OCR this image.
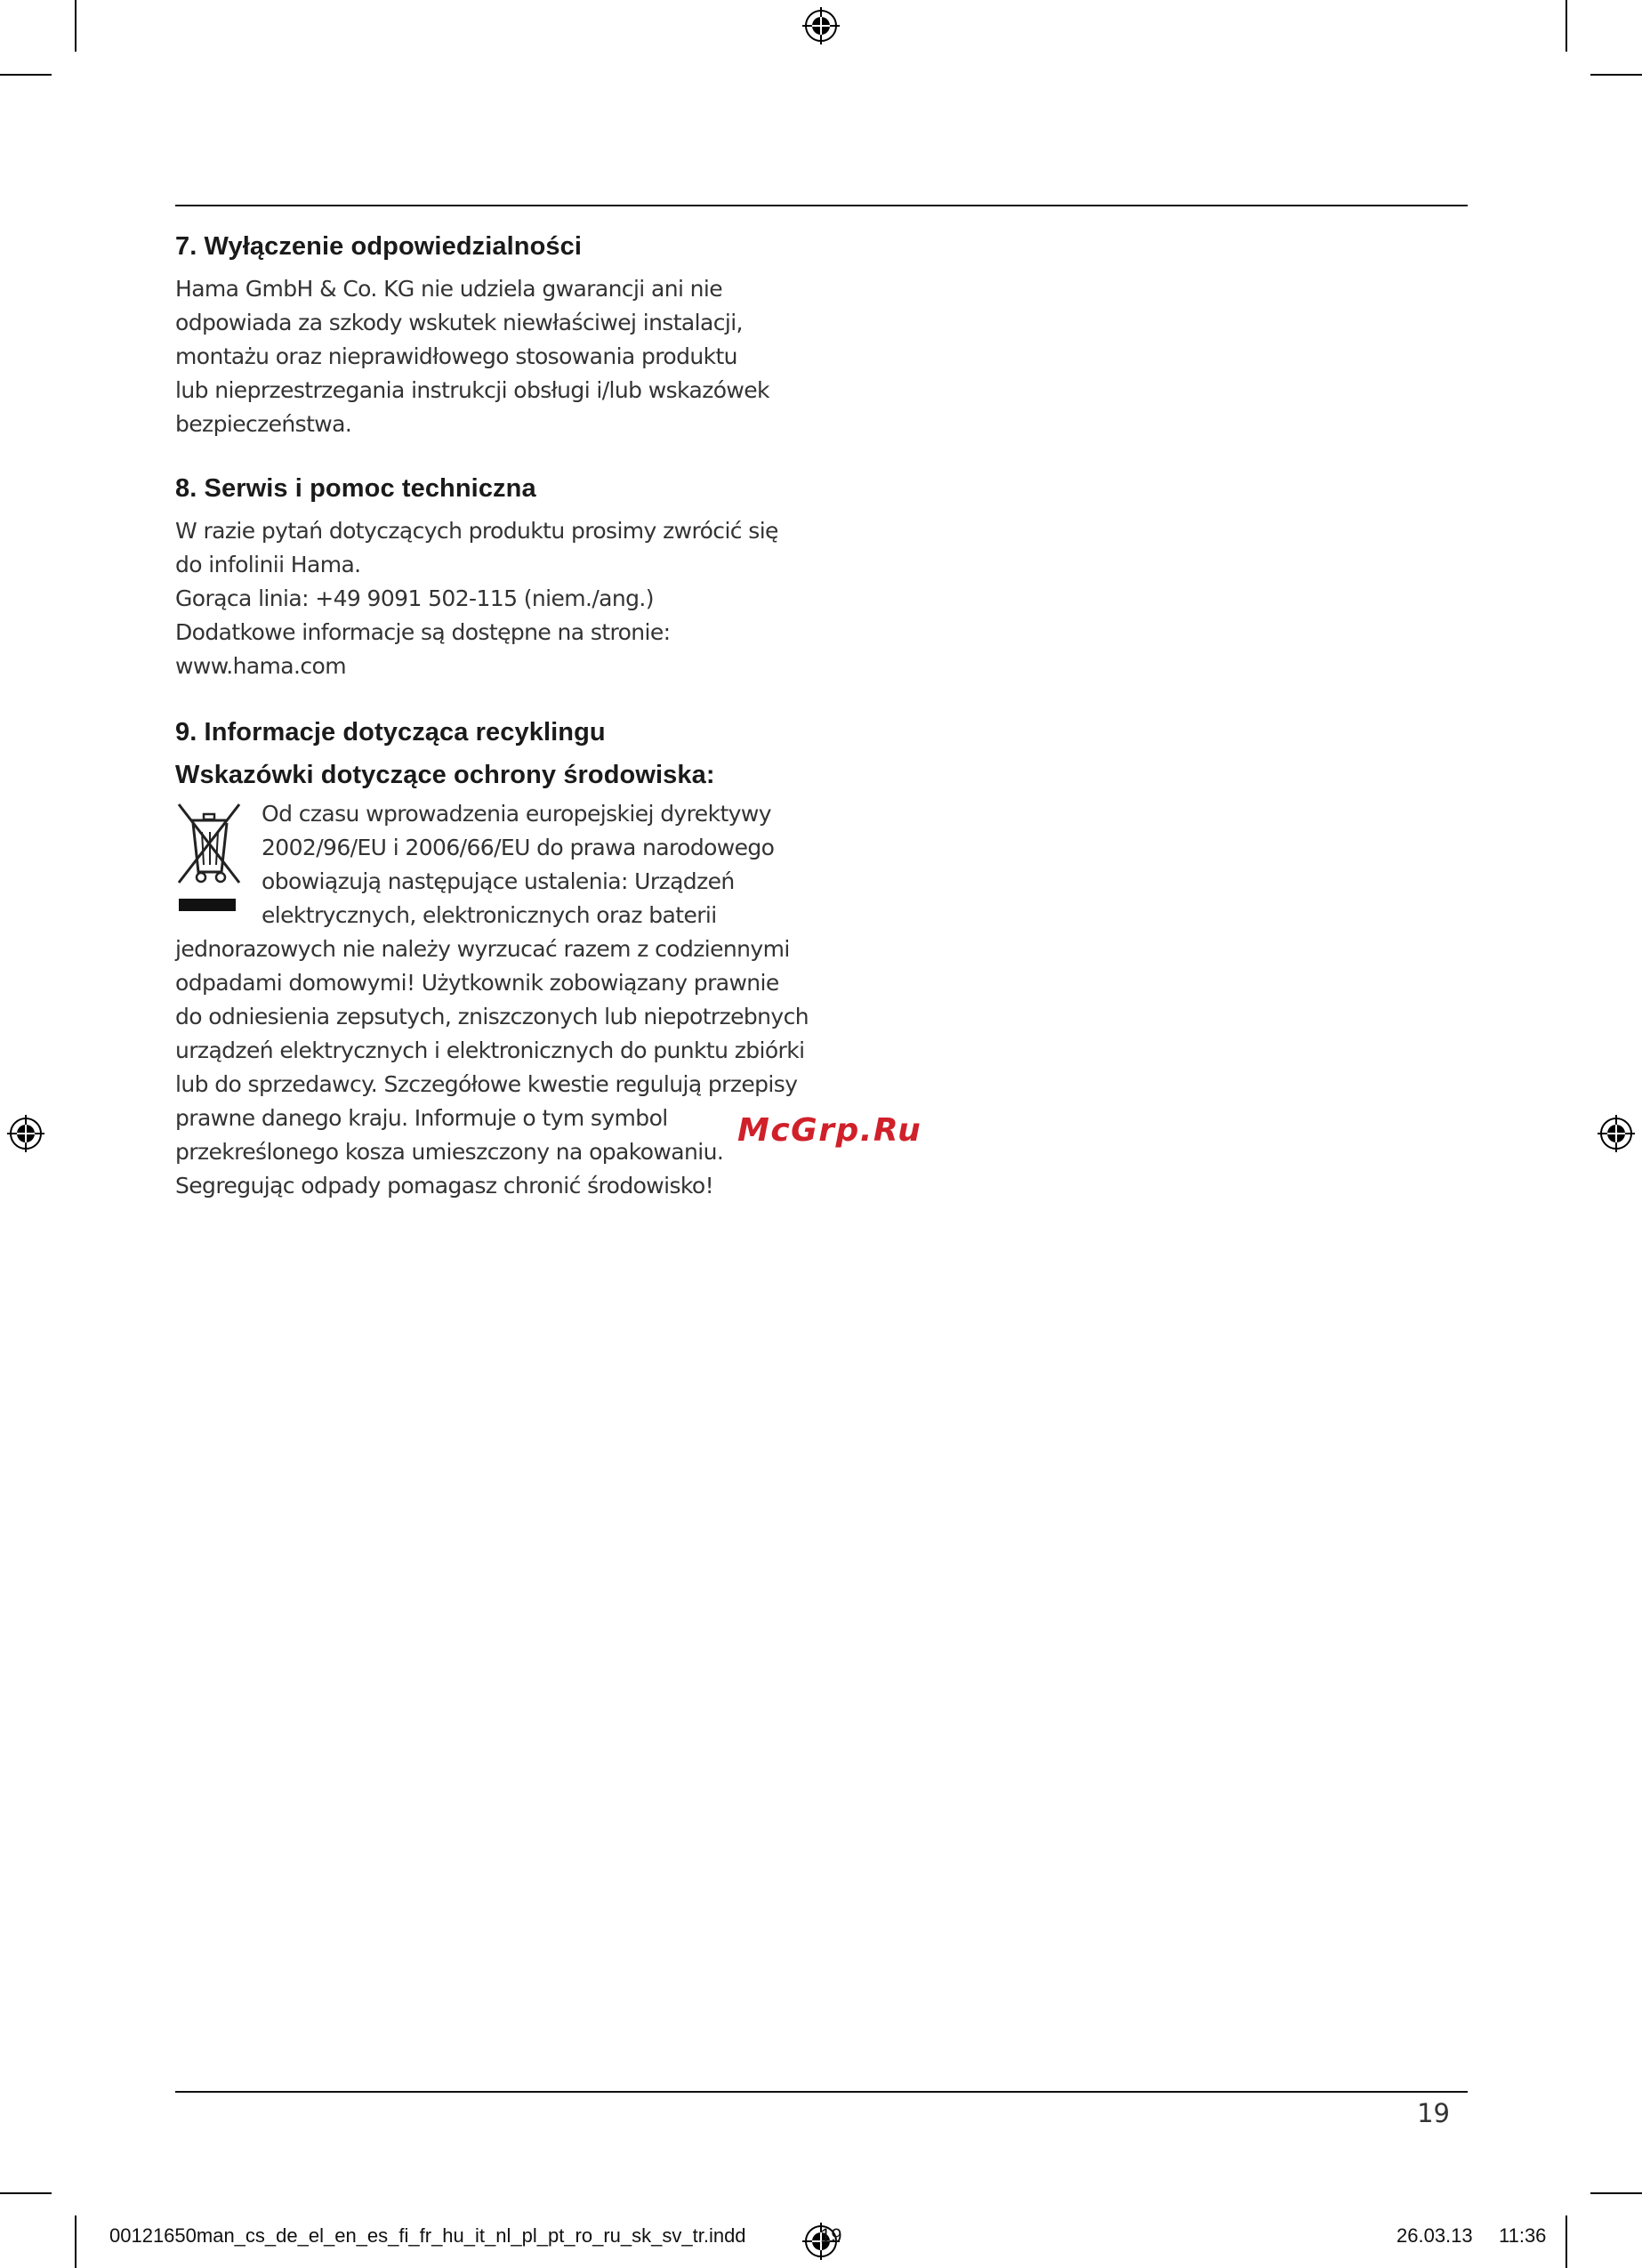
7. Wyłączenie odpowiedzialności
Hama GmbH & Co. KG nie udziela gwarancji ani nie
odpowiada za szkody wskutek niewłaściwej instalacji,
montażu oraz nieprawidłowego stosowania produktu
lub nieprzestrzegania instrukcji obsługi i/lub wskazówek
bezpieczeństwa.
8. Serwis i pomoc techniczna
W razie pytań dotyczących produktu prosimy zwrócić się
do infolinii Hama.
Gorąca linia: +49 9091 502-115 (niem./ang.)
Dodatkowe informacje są dostępne na stronie:
www.hama.com
9. Informacje dotycząca recyklingu
Wskazówki dotyczące ochrony środowiska:
Od czasu wprowadzenia europejskiej dyrektywy
2002/96/EU i 2006/66/EU do prawa narodowego
obowiązują następujące ustalenia: Urządzeń
elektrycznych, elektronicznych oraz baterii
jednorazowych nie należy wyrzucać razem z codziennymi
odpadami domowymi! Użytkownik zobowiązany prawnie
do odniesienia zepsutych, zniszczonych lub niepotrzebnych
urządzeń elektrycznych i elektronicznych do punktu zbiórki
lub do sprzedawcy. Szczegółowe kwestie regulują przepisy
prawne danego kraju. Informuje o tym symbol
przekreślonego kosza umieszczony na opakowaniu.
Segregując odpady pomagasz chronić środowisko!
McGrp.Ru
19
00121650man_cs_de_el_en_es_fi_fr_hu_it_nl_pl_pt_ro_ru_sk_sv_tr.indd	19	26.03.13 11:36
